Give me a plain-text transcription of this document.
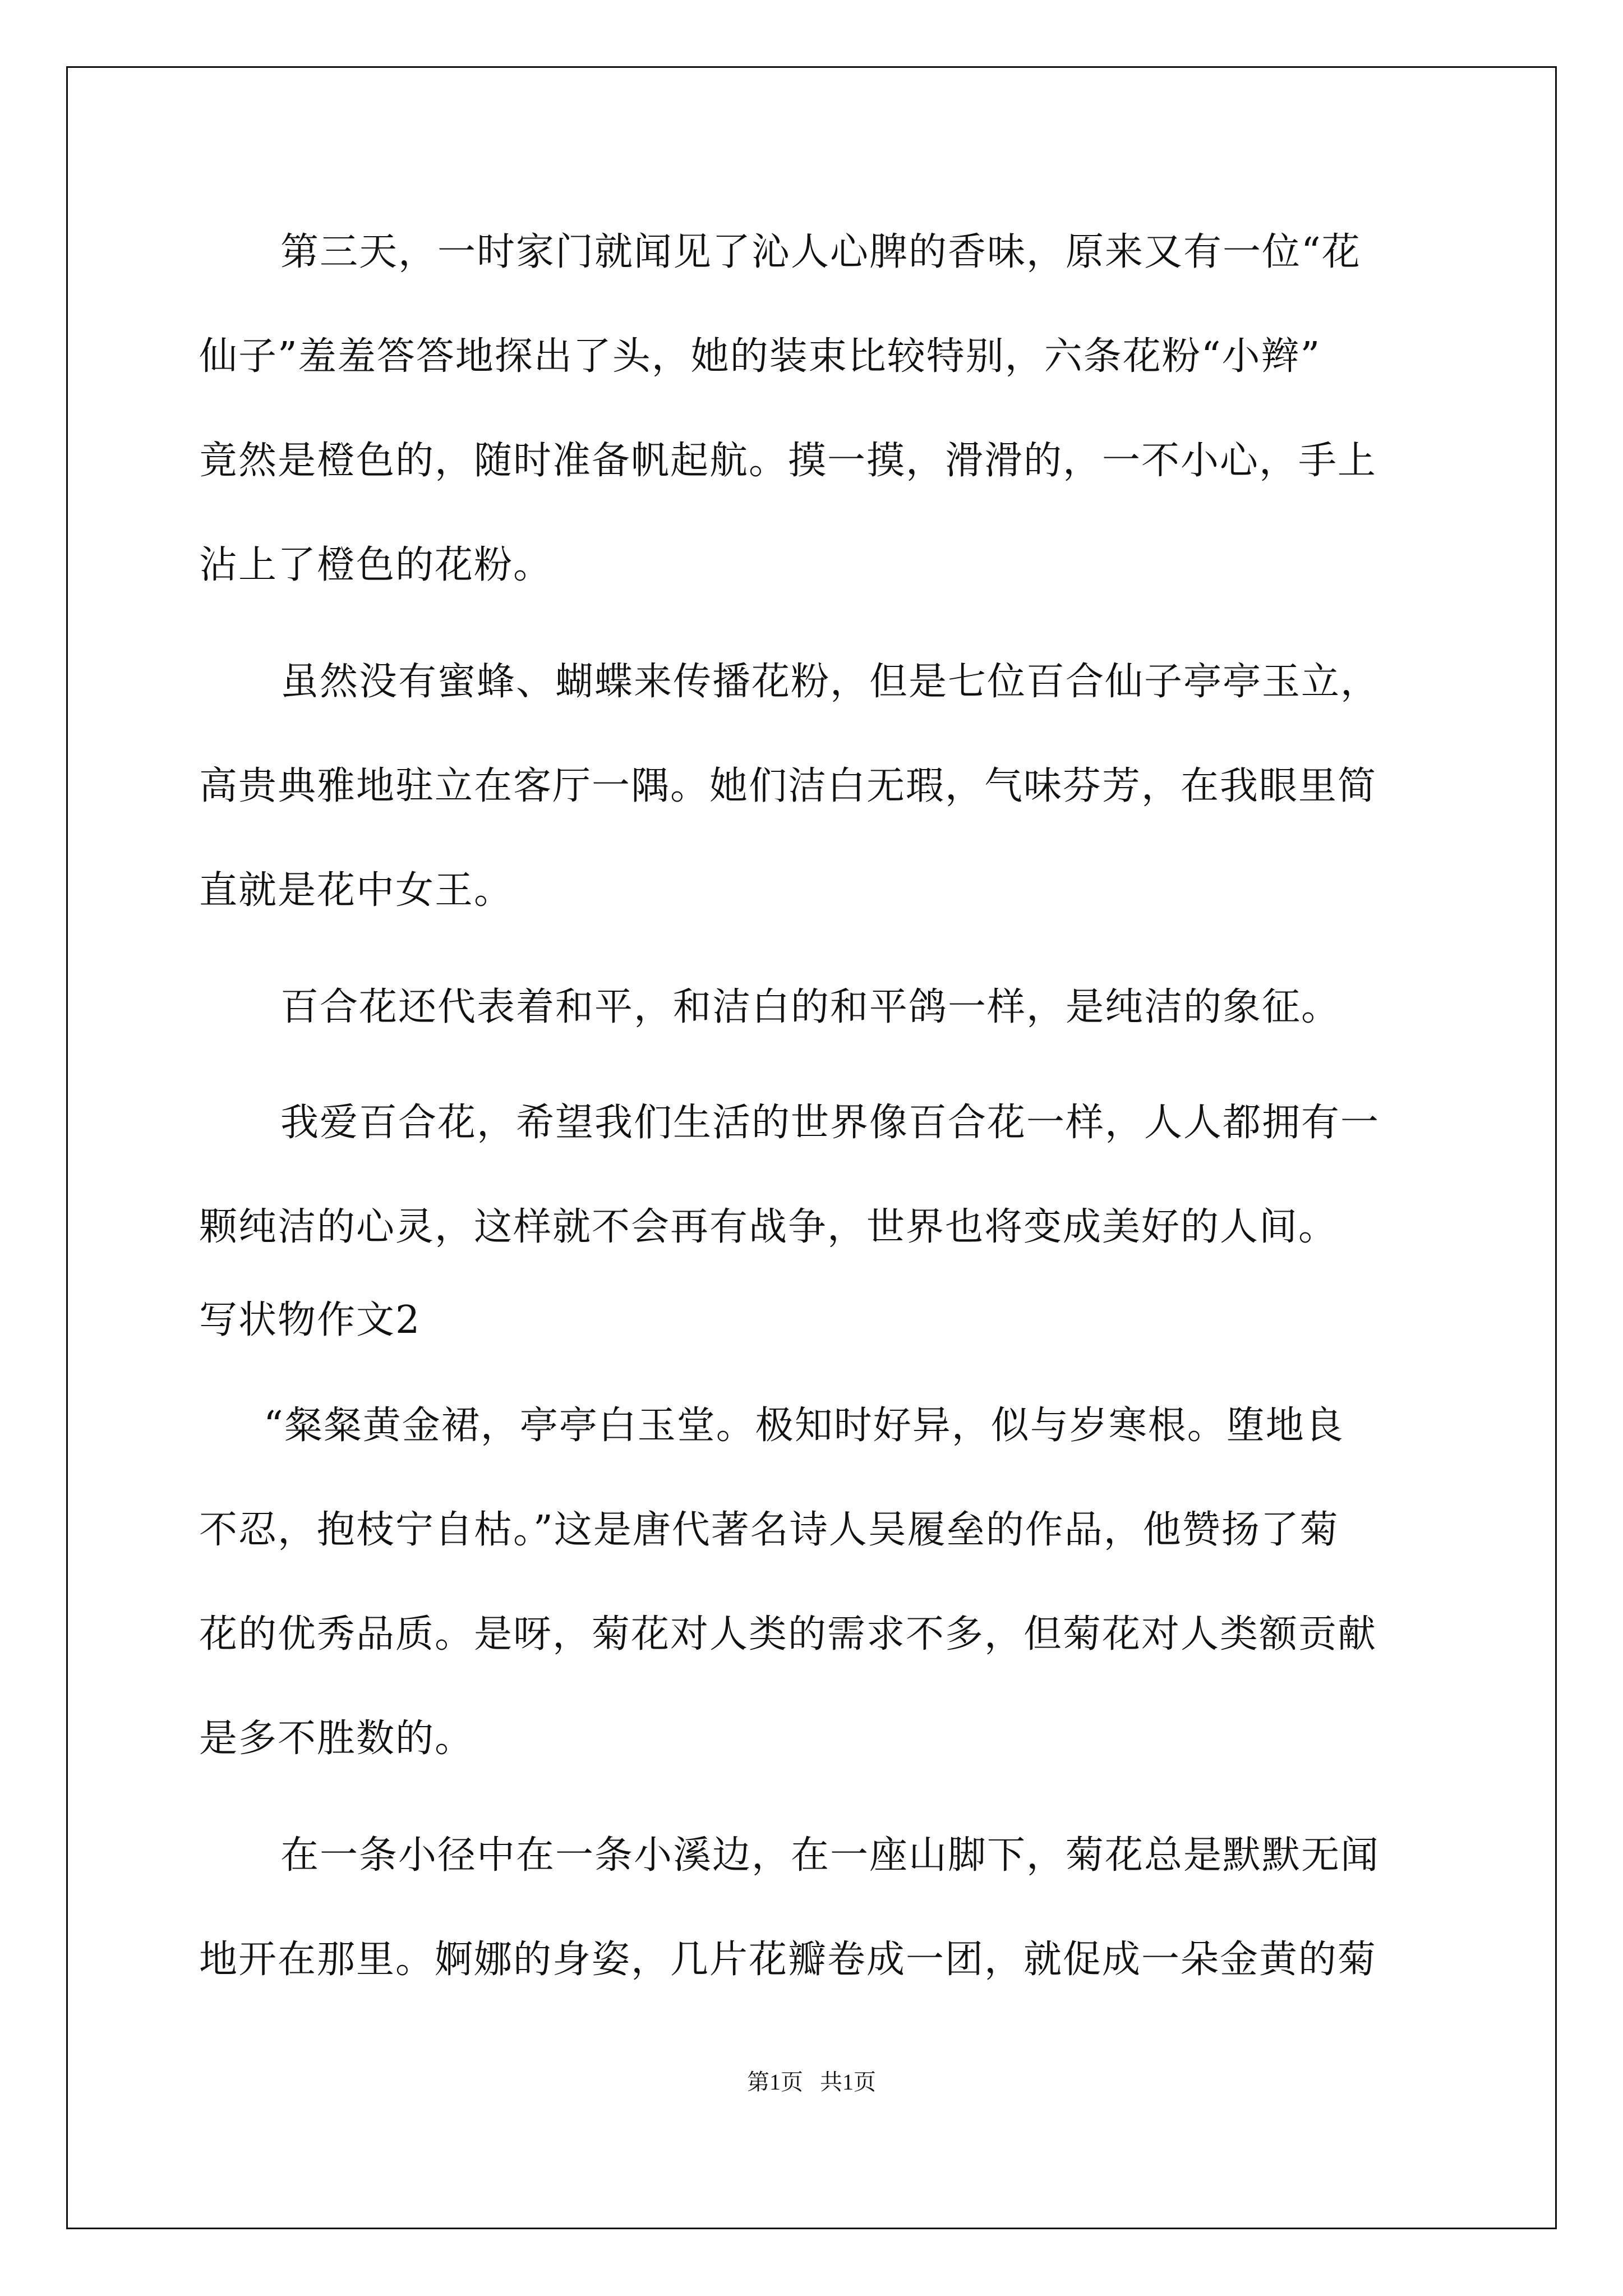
第三天，一时家门就闻见了沁人心脾的香味，原来又有一位“花
仙子”羞羞答答地探出了头，她的装束比较特别，六条花粉“小辫”
竟然是橙色的，随时准备帆起航。摸一摸，滑滑的，一不小心，手上
沾上了橙色的花粉。
虽然没有蜜蜂、蝴蝶来传播花粉，但是七位百合仙子亭亭玉立，
高贵典雅地驻立在客厅一隅。她们洁白无瑕，气味芬芳，在我眼里简
直就是花中女王。
百合花还代表着和平，和洁白的和平鸽一样，是纯洁的象征。
我爱百合花，希望我们生活的世界像百合花一样，人人都拥有一
颗纯洁的心灵，这样就不会再有战争，世界也将变成美好的人间。
写状物作文2
“粲粲黄金裙，亭亭白玉堂。极知时好异，似与岁寒根。堕地良
不忍，抱枝宁自枯。”这是唐代著名诗人吴履垒的作品，他赞扬了菊
花的优秀品质。是呀，菊花对人类的需求不多，但菊花对人类额贡献
是多不胜数的。
在一条小径中在一条小溪边，在一座山脚下，菊花总是默默无闻
地开在那里。婀娜的身姿，几片花瓣卷成一团，就促成一朵金黄的菊
第1页   共1页
